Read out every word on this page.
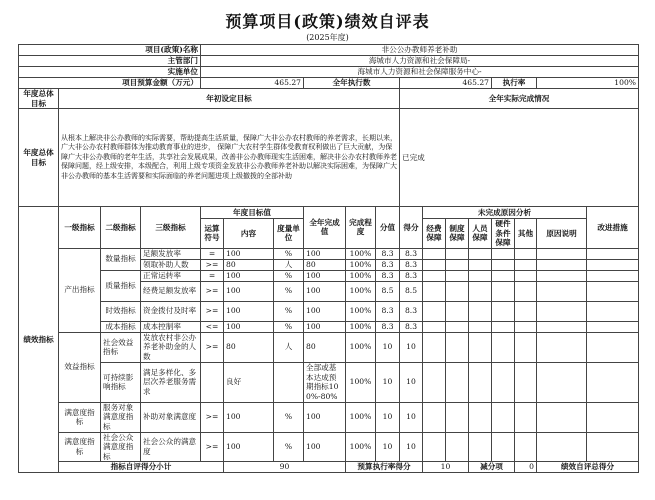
预算项目(政策)绩效自评表
(2025年度)
项目(政策)名称				非公公办教师养老补助														
主管部门				海城市人力资源和社会保障局-														
实施单位				海城市人力资源和社会保障服务中心-														
项目预算金额（万元）				465.27			全年执行数			465.27				执行率		100%		
年度总体目标	年初设定目标									全年实际完成情况								
年度总体目标	从根本上解决非公办教师的实际需要，帮助提高生活质量，保障广大非公办农村教师的养老需求，长期以来，广大非公办农村教师群体为推动教育事业的进步， 保障广大农村学生群体受教育权利做出了巨大贡献，为保障广大非公办教师的老年生活，共享社会发展成果，改善非公办教师现实生活困难，解决非公办农村教师养老保障问题，经上级安排，本级配合，利用上级专项资金发放非公办教师养老补助以解决实际困难，为保障广大非公办教师的基本生活需要和实际面临的养老问题进项上级撤拨的全部补助									已完成								
绩效指标	一级指标	二级指标	三级指标	年度目标值			全年完成值	完成程度	分值	得分	未完成原因分析						改进措施	
				运算符号	内容	度量单位					经费保障	制度保障	人员保障	硬件条件保障	其他	原因说明		
	产出指标	数量指标	足额发放率	=	100	%	100	100%	8.3	8.3								
			领取补助人数	>=	80	人	80	100%	8.3	8.3								
		质量指标	正常运转率	=	100	%	100	100%	8.3	8.3								
			经费足额发放率	>=	100	%	100	100%	8.5	8.5								
		时效指标	资金拨付及时率	>=	100	%	100	100%	8.3	8.3								
		成本指标	成本控制率	<=	100	%	100	100%	8.3	8.3								
	效益指标	社会效益指标	发放农村非公办养老补助金的人数	>=	80	人	80	100%	10	10								
		可持续影响指标	满足多样化、多层次养老服务需求		良好		全部或基本达成预期指标100%-80%	100%	10	10								
	满意度指标	服务对象满意度指标	补助对象满意度	>=	100	%	100	100%	10	10								
	满意度指标	社会公众满意度指标	社会公众的满意度	>=	100	%	100	100%	10	10								
	指标自评得分小计				90			预算执行率得分			10		减分项		0	绩效自评总得分	
